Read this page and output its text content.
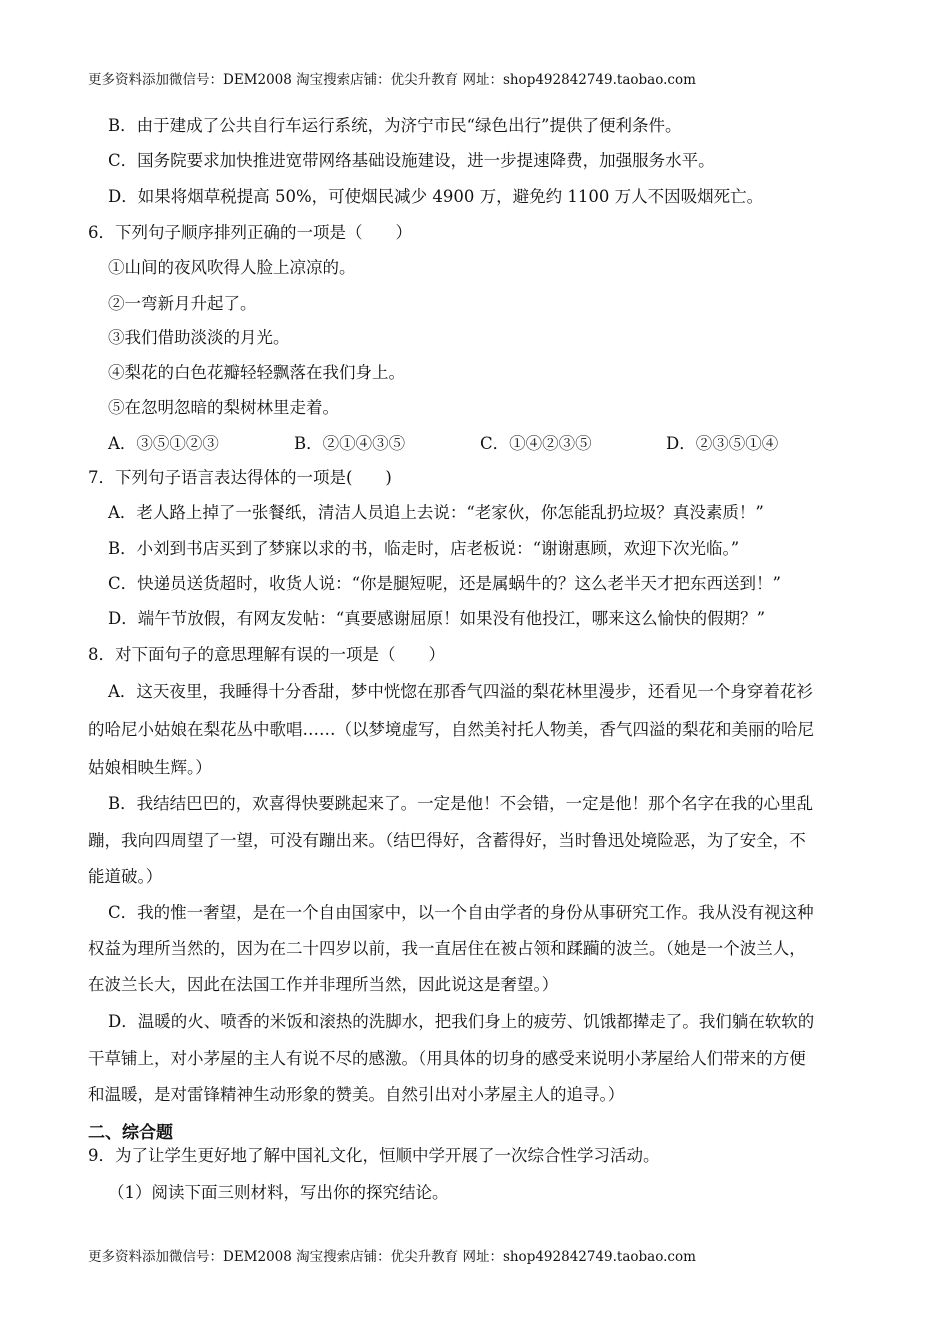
更多资料添加微信号：DEM2008 淘宝搜索店铺：优尖升教育 网址：shop492842749.taobao.com
B．由于建成了公共自行车运行系统，为济宁市民“绿色出行”提供了便利条件。
C．国务院要求加快推进宽带网络基础设施建设，进一步提速降费，加强服务水平。
D．如果将烟草税提高 50%，可使烟民减少 4900 万，避免约 1100 万人不因吸烟死亡。
6．下列句子顺序排列正确的一项是（　　）
①山间的夜风吹得人脸上凉凉的。
②一弯新月升起了。
③我们借助淡淡的月光。
④梨花的白色花瓣轻轻飘落在我们身上。
⑤在忽明忽暗的梨树林里走着。
A．③⑤①②③	B．②①④③⑤	C．①④②③⑤	D．②③⑤①④
7．下列句子语言表达得体的一项是(　　)
A．老人路上掉了一张餐纸，清洁人员追上去说：“老家伙，你怎能乱扔垃圾？真没素质！”
B．小刘到书店买到了梦寐以求的书，临走时，店老板说：“谢谢惠顾，欢迎下次光临。”
C．快递员送货超时，收货人说：“你是腿短呢，还是属蜗牛的？这么老半天才把东西送到！”
D．端午节放假，有网友发帖：“真要感谢屈原！如果没有他投江，哪来这么愉快的假期？”
8．对下面句子的意思理解有误的一项是（　　）
A．这天夜里，我睡得十分香甜，梦中恍惚在那香气四溢的梨花林里漫步，还看见一个身穿着花衫
的哈尼小姑娘在梨花丛中歌唱……（以梦境虚写，自然美衬托人物美，香气四溢的梨花和美丽的哈尼
姑娘相映生辉。）
B．我结结巴巴的，欢喜得快要跳起来了。一定是他！不会错，一定是他！那个名字在我的心里乱
蹦，我向四周望了一望，可没有蹦出来。（结巴得好，含蓄得好，当时鲁迅处境险恶，为了安全，不
能道破。）
C．我的惟一奢望，是在一个自由国家中，以一个自由学者的身份从事研究工作。我从没有视这种
权益为理所当然的，因为在二十四岁以前，我一直居住在被占领和蹂躏的波兰。（她是一个波兰人，
在波兰长大，因此在法国工作并非理所当然，因此说这是奢望。）
D．温暖的火、喷香的米饭和滚热的洗脚水，把我们身上的疲劳、饥饿都撵走了。我们躺在软软的
干草铺上，对小茅屋的主人有说不尽的感激。（用具体的切身的感受来说明小茅屋给人们带来的方便
和温暖，是对雷锋精神生动形象的赞美。自然引出对小茅屋主人的追寻。）
二、综合题
9．为了让学生更好地了解中国礼文化，恒顺中学开展了一次综合性学习活动。
（1）阅读下面三则材料，写出你的探究结论。
更多资料添加微信号：DEM2008 淘宝搜索店铺：优尖升教育 网址：shop492842749.taobao.com
